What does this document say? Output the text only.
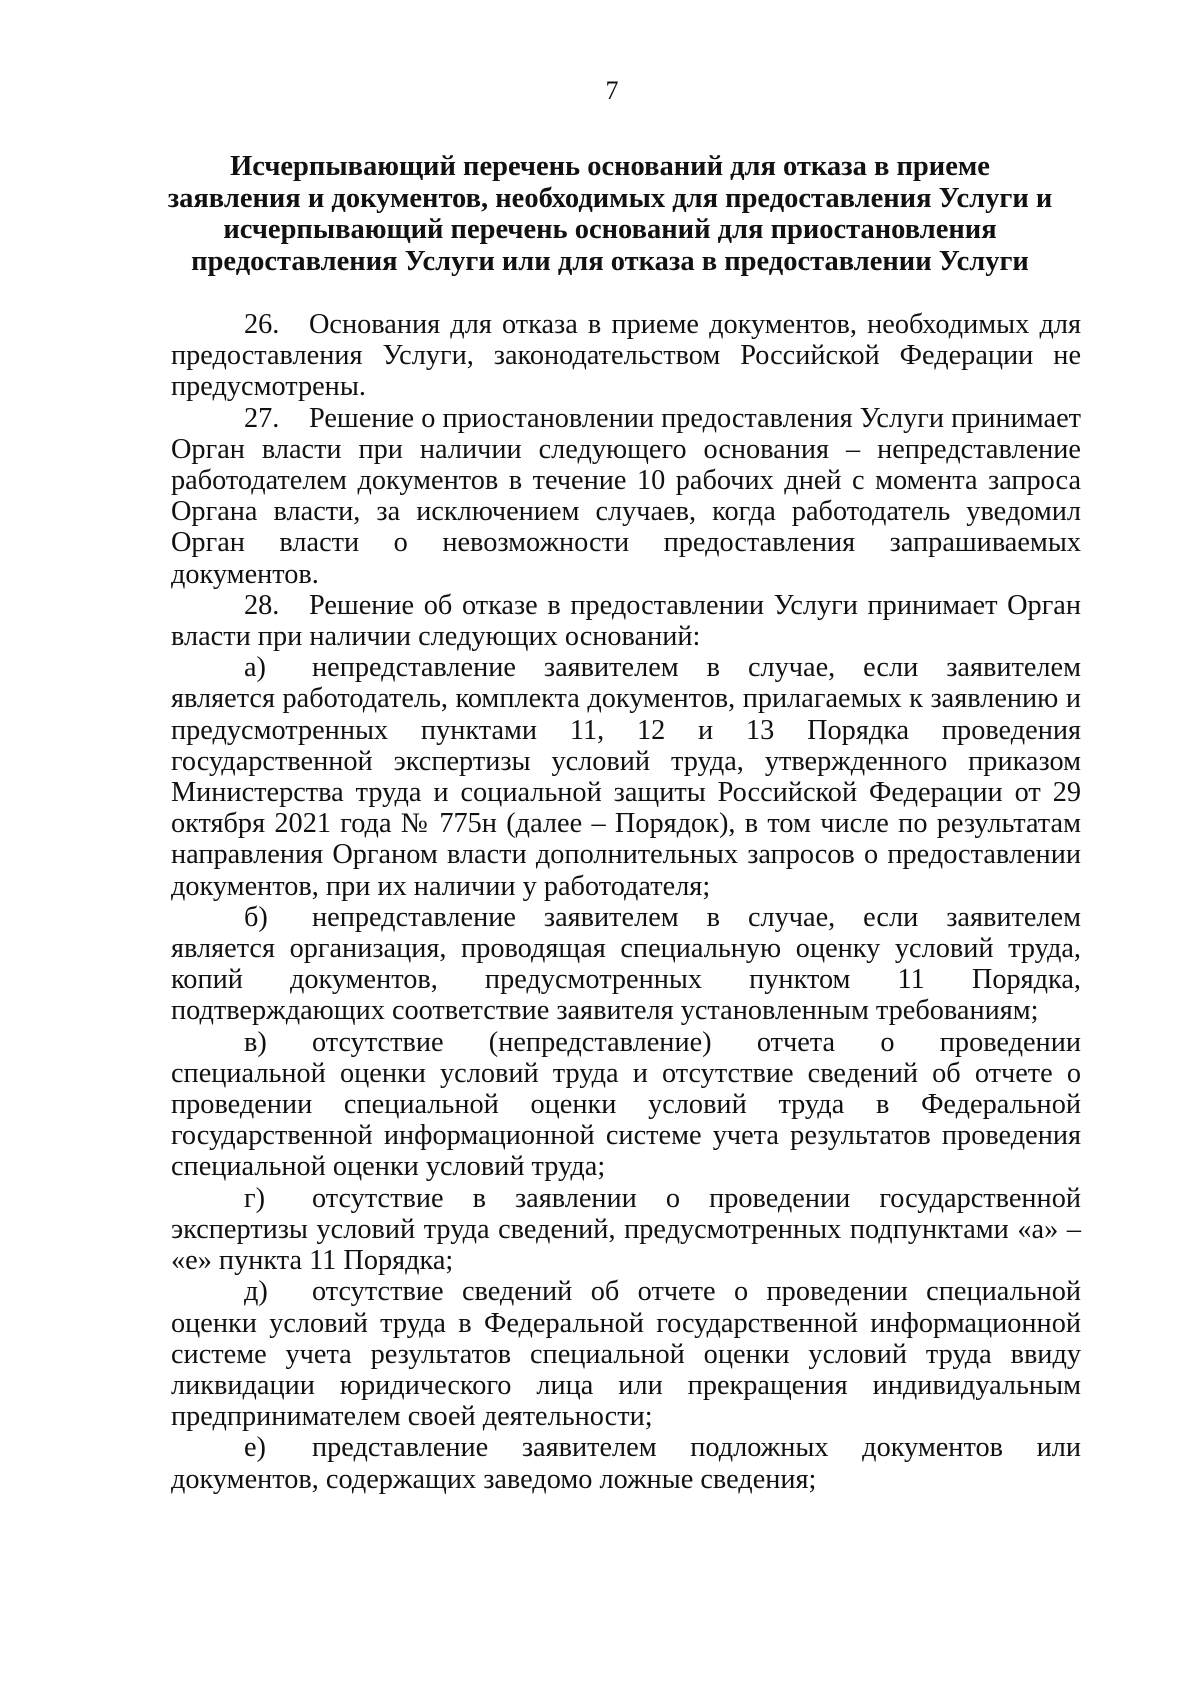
7
Исчерпывающий перечень оснований для отказа в приеме
заявления и документов, необходимых для предоставления Услуги и
исчерпывающий перечень оснований для приостановления
предоставления Услуги или для отказа в предоставлении Услуги

26. Основания для отказа в приеме документов, необходимых для предоставления Услуги, законодательством Российской Федерации не предусмотрены.

27. Решение о приостановлении предоставления Услуги принимает Орган власти при наличии следующего основания – непредставление работодателем документов в течение 10 рабочих дней с момента запроса Органа власти, за исключением случаев, когда работодатель уведомил Орган власти о невозможности предоставления запрашиваемых документов.

28. Решение об отказе в предоставлении Услуги принимает Орган власти при наличии следующих оснований:

а) непредставление заявителем в случае, если заявителем является работодатель, комплекта документов, прилагаемых к заявлению и предусмотренных пунктами 11, 12 и 13 Порядка проведения государственной экспертизы условий труда, утвержденного приказом Министерства труда и социальной защиты Российской Федерации от 29 октября 2021 года № 775н (далее – Порядок), в том числе по результатам направления Органом власти дополнительных запросов о предоставлении документов, при их наличии у работодателя;

б) непредставление заявителем в случае, если заявителем является организация, проводящая специальную оценку условий труда, копий документов, предусмотренных пунктом 11 Порядка, подтверждающих соответствие заявителя установленным требованиям;

в) отсутствие (непредставление) отчета о проведении специальной оценки условий труда и отсутствие сведений об отчете о проведении специальной оценки условий труда в Федеральной государственной информационной системе учета результатов проведения специальной оценки условий труда;

г) отсутствие в заявлении о проведении государственной экспертизы условий труда сведений, предусмотренных подпунктами «а» – «е» пункта 11 Порядка;

д) отсутствие сведений об отчете о проведении специальной оценки условий труда в Федеральной государственной информационной системе учета результатов специальной оценки условий труда ввиду ликвидации юридического лица или прекращения индивидуальным предпринимателем своей деятельности;

е) представление заявителем подложных документов или документов, содержащих заведомо ложные сведения;
